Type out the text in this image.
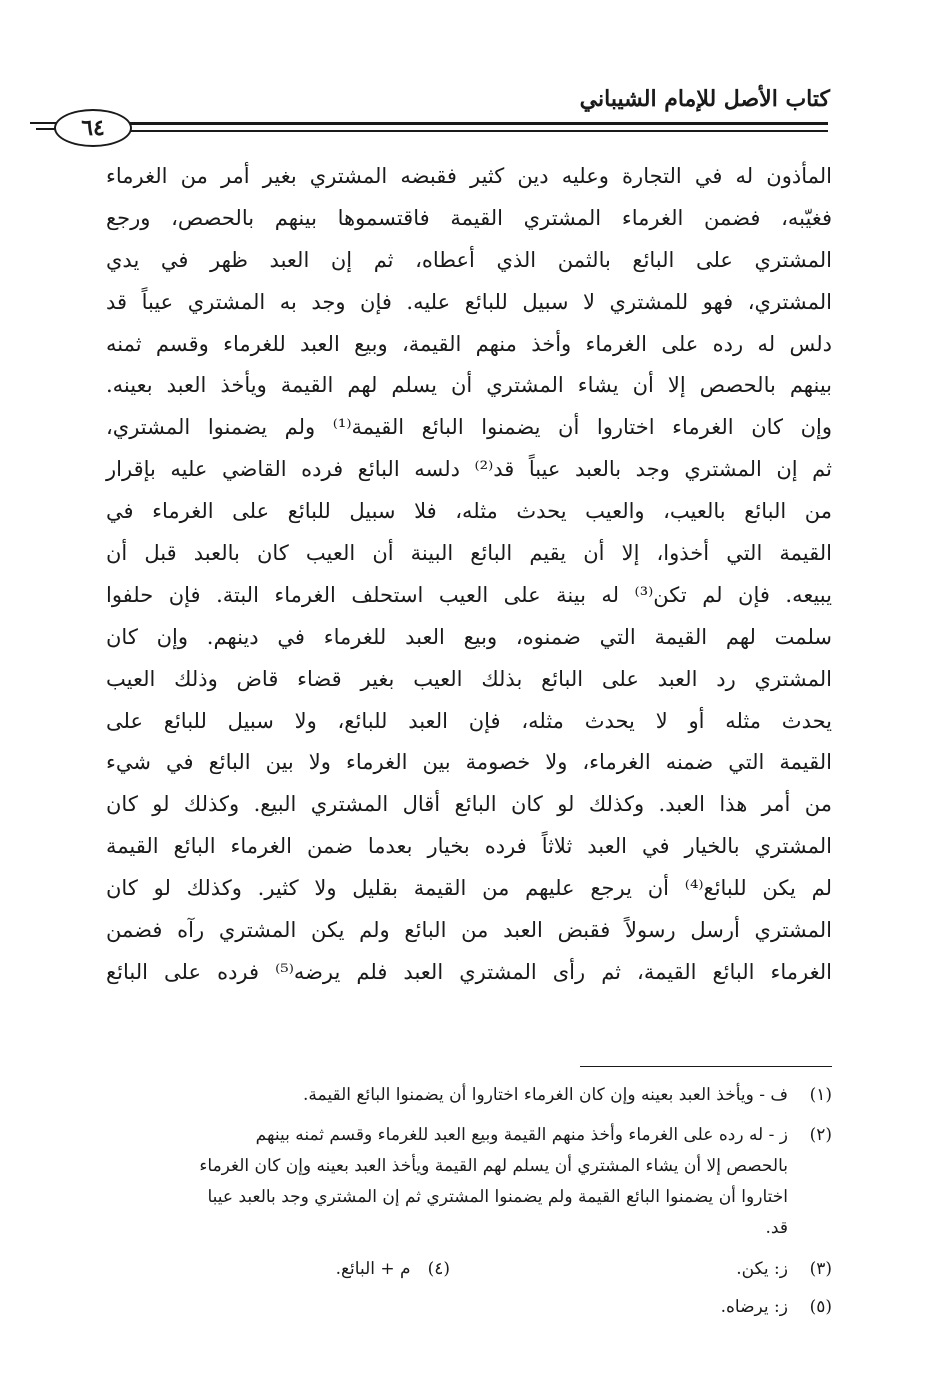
كتاب الأصل للإمام الشيباني
٦٤
المأذون له في التجارة وعليه دين كثير فقبضه المشتري بغير أمر من الغرماء
فغيّبه، فضمن الغرماء المشتري القيمة فاقتسموها بينهم بالحصص، ورجع
المشتري على البائع بالثمن الذي أعطاه، ثم إن العبد ظهر في يدي
المشتري، فهو للمشتري لا سبيل للبائع عليه. فإن وجد به المشتري عيباً قد
دلس له رده على الغرماء وأخذ منهم القيمة، وبيع العبد للغرماء وقسم ثمنه
بينهم بالحصص إلا أن يشاء المشتري أن يسلم لهم القيمة ويأخذ العبد بعينه.
وإن كان الغرماء اختاروا أن يضمنوا البائع القيمة⁽¹⁾ ولم يضمنوا المشتري،
ثم إن المشتري وجد بالعبد عيباً قد⁽²⁾ دلسه البائع فرده القاضي عليه بإقرار
من البائع بالعيب، والعيب يحدث مثله، فلا سبيل للبائع على الغرماء في
القيمة التي أخذوا، إلا أن يقيم البائع البينة أن العيب كان بالعبد قبل أن
يبيعه. فإن لم تكن⁽³⁾ له بينة على العيب استحلف الغرماء البتة. فإن حلفوا
سلمت لهم القيمة التي ضمنوه، وبيع العبد للغرماء في دينهم. وإن كان
المشتري رد العبد على البائع بذلك العيب بغير قضاء قاض وذلك العيب
يحدث مثله أو لا يحدث مثله، فإن العبد للبائع، ولا سبيل للبائع على
القيمة التي ضمنه الغرماء، ولا خصومة بين الغرماء ولا بين البائع في شيء
من أمر هذا العبد. وكذلك لو كان البائع أقال المشتري البيع. وكذلك لو كان
المشتري بالخيار في العبد ثلاثاً فرده بخيار بعدما ضمن الغرماء البائع القيمة
لم يكن للبائع⁽⁴⁾ أن يرجع عليهم من القيمة بقليل ولا كثير. وكذلك لو كان
المشتري أرسل رسولاً فقبض العبد من البائع ولم يكن المشتري رآه فضمن
الغرماء البائع القيمة، ثم رأى المشتري العبد فلم يرضه⁽⁵⁾ فرده على البائع
(١)
ف - ويأخذ العبد بعينه وإن كان الغرماء اختاروا أن يضمنوا البائع القيمة.
(٢)
ز - له رده على الغرماء وأخذ منهم القيمة وبيع العبد للغرماء وقسم ثمنه بينهم
بالحصص إلا أن يشاء المشتري أن يسلم لهم القيمة ويأخذ العبد بعينه وإن كان الغرماء
اختاروا أن يضمنوا البائع القيمة ولم يضمنوا المشتري ثم إن المشتري وجد بالعبد عيبا
قد.
(٣)
ز: يكن.
(٤) م + البائع.
(٥)
ز: يرضاه.
